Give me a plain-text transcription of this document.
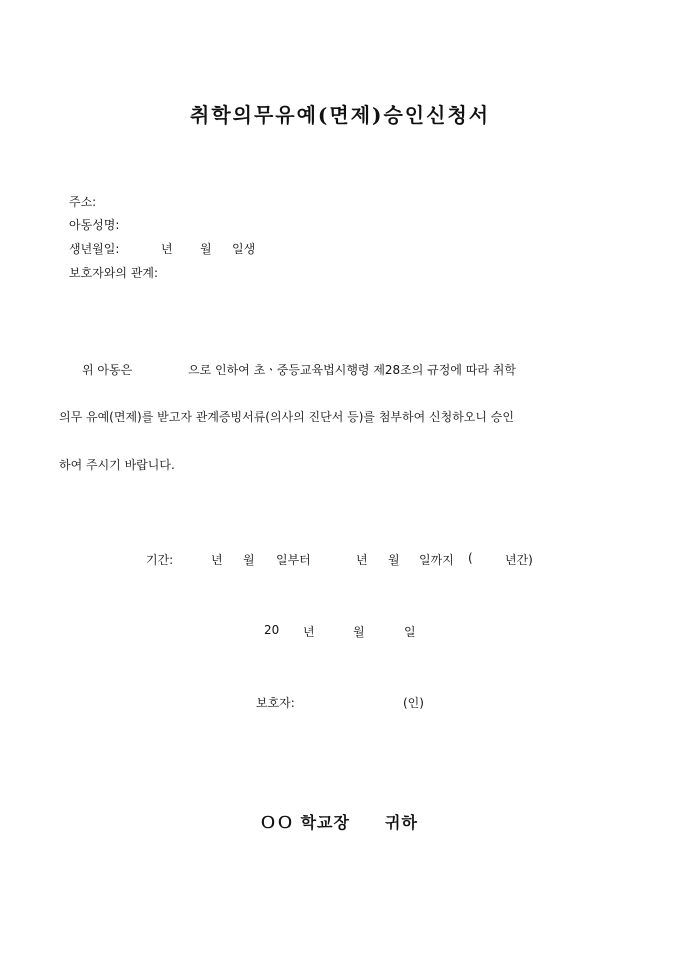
취학의무유예(면제)승인신청서
주소:
아동성명:
생년월일:	년 월 일생
보호자와의 관계:
위 아동은	으로 인하여 초ㆍ중등교육법시행령 제28조의 규정에 따라 취학
의무 유예(면제)를 받고자 관계증빙서류(의사의 진단서 등)를 첨부하여 신청하오니 승인
하여 주시기 바랍니다.
기간:	년 월 일부터	년 월 일까지 (	년간)
20 년	월	일
보호자:	(인)
ＯＯ 학교장 귀하
